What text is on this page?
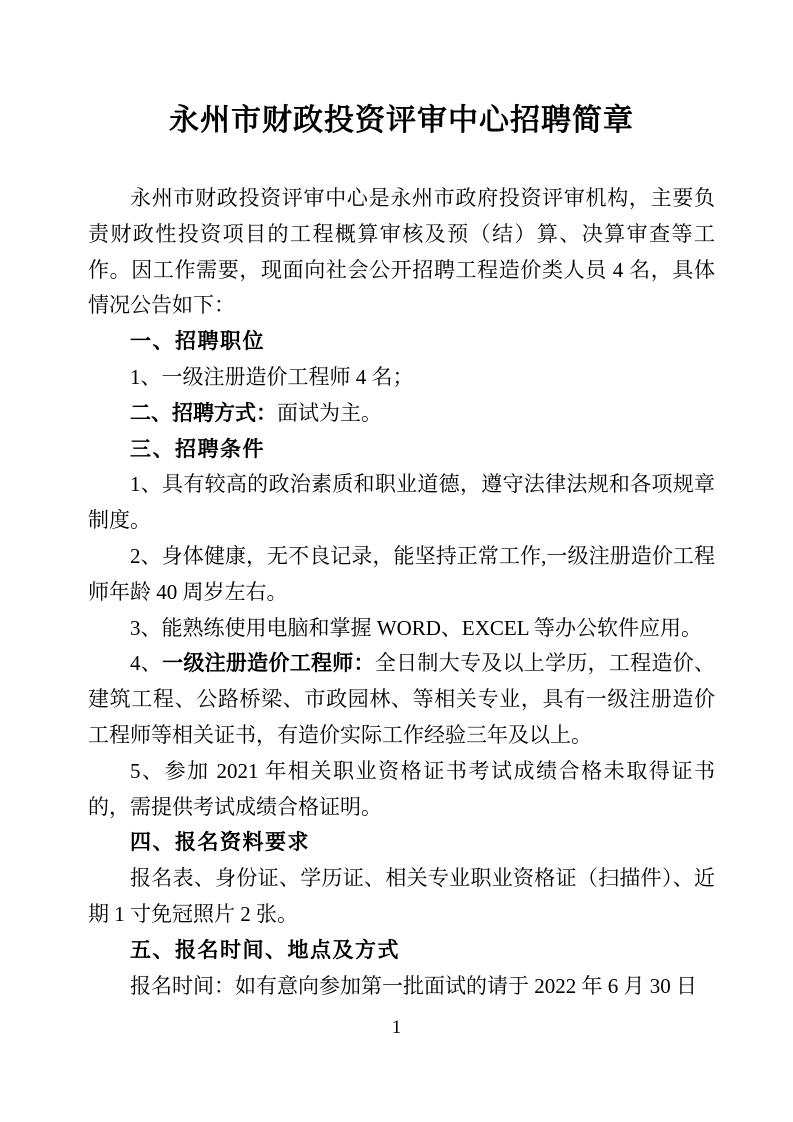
永州市财政投资评审中心招聘简章

永州市财政投资评审中心是永州市政府投资评审机构，主要负责财政性投资项目的工程概算审核及预（结）算、决算审查等工作。因工作需要，现面向社会公开招聘工程造价类人员 4 名，具体情况公告如下：

一、招聘职位

1、一级注册造价工程师 4 名；

二、招聘方式：面试为主。

三、招聘条件

1、具有较高的政治素质和职业道德，遵守法律法规和各项规章制度。

2、身体健康，无不良记录，能坚持正常工作,一级注册造价工程师年龄 40 周岁左右。

3、能熟练使用电脑和掌握 WORD、EXCEL 等办公软件应用。

4、一级注册造价工程师：全日制大专及以上学历，工程造价、建筑工程、公路桥梁、市政园林、等相关专业，具有一级注册造价工程师等相关证书，有造价实际工作经验三年及以上。

5、参加 2021 年相关职业资格证书考试成绩合格未取得证书的，需提供考试成绩合格证明。

四、报名资料要求

报名表、身份证、学历证、相关专业职业资格证（扫描件）、近期 1 寸免冠照片 2 张。

五、报名时间、地点及方式

报名时间：如有意向参加第一批面试的请于 2022 年 6 月 30 日

1
